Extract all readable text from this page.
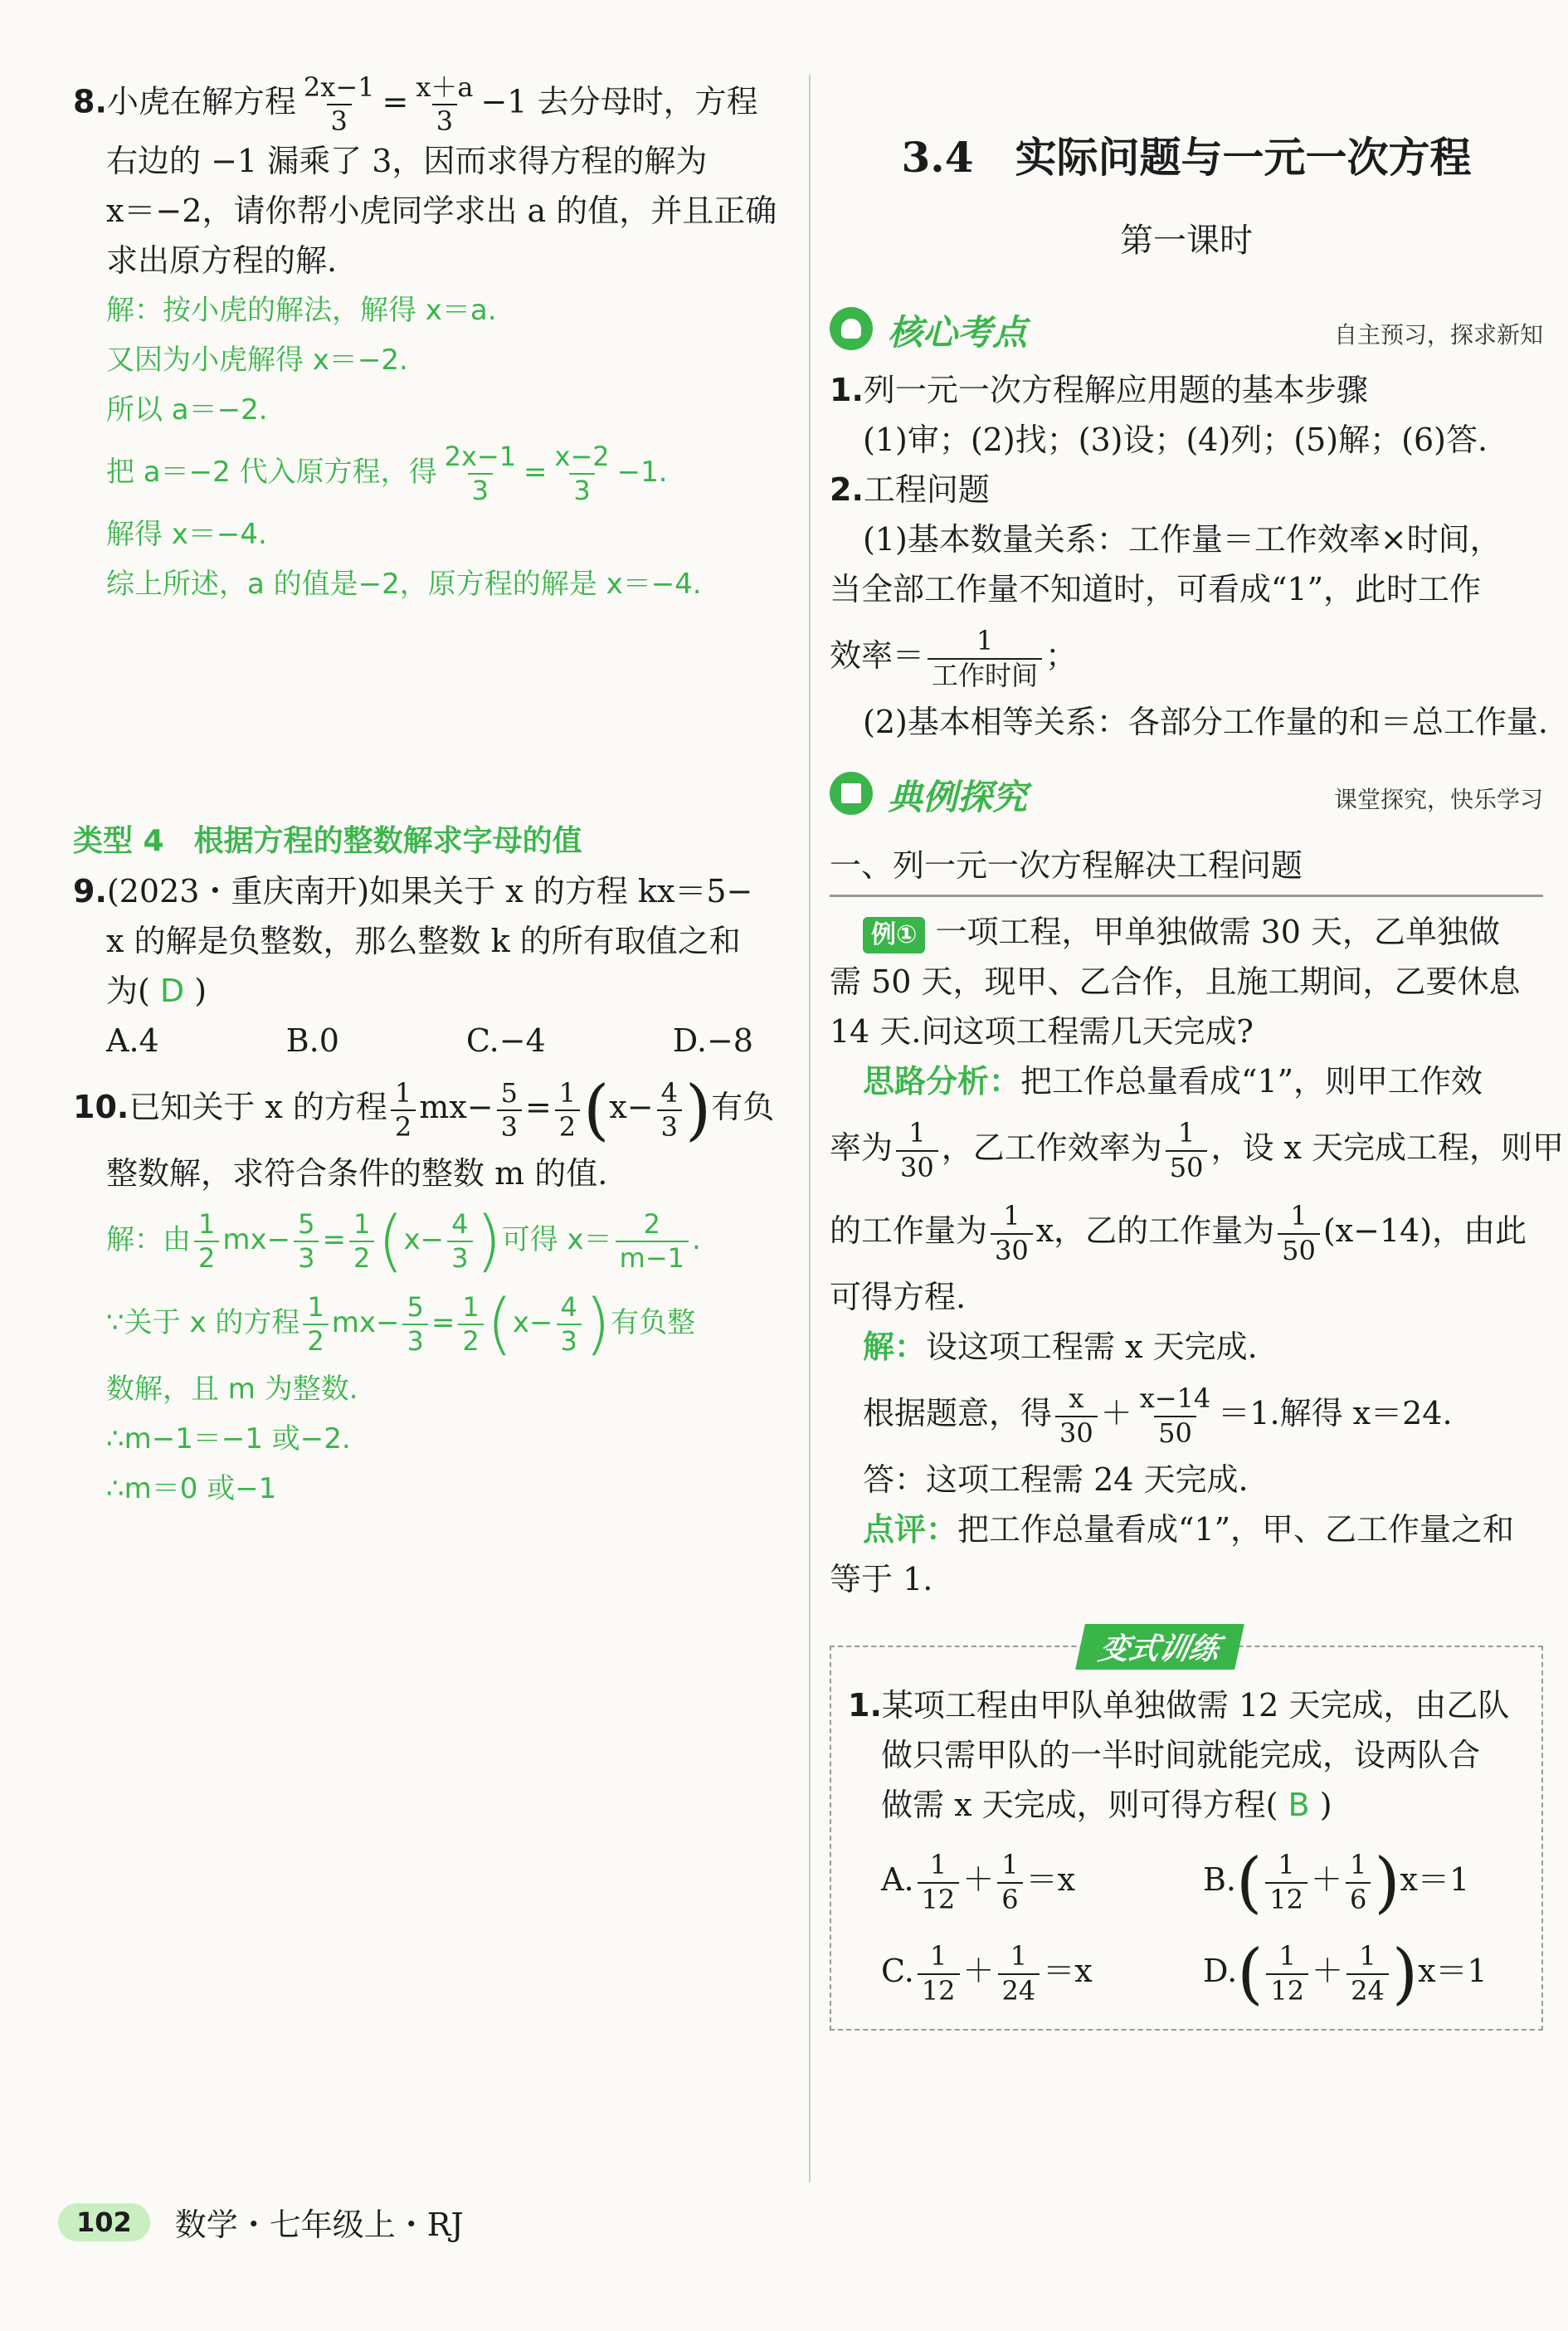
8.小虎在解方程 $\frac{2x-1}{3} = \frac{x+a}{3} -1$ 去分母时，方程
右边的 −1 漏乘了 3，因而求得方程的解为
x＝−2，请你帮小虎同学求出 a 的值，并且正确
求出原方程的解.
解：按小虎的解法，解得 x＝a.
又因为小虎解得 x＝−2.
所以 a＝−2.
把 a＝−2 代入原方程，得 $\frac{2x-1}{3} = \frac{x-2}{3} -1$.
解得 x＝−4.
综上所述，a 的值是−2，原方程的解是 x＝−4.
类型 4　根据方程的整数解求字母的值
9.(2023・重庆南开)如果关于 x 的方程 kx＝5−
x 的解是负整数，那么整数 k 的所有取值之和
为( D )
A.4	B.0	C.−4	D.−8
10.已知关于 x 的方程 $\frac{1}{2} mx- \frac{5}{3} = \frac{1}{2} (x- \frac{4}{3}$ )有负
整数解，求符合条件的整数 m 的值.
解：由 $\frac{1}{2} mx- \frac{5}{3} = \frac{1}{2} (x- \frac{4}{3}$ )可得 $x= \frac{2}{m-1}$ .
∵关于 x 的方程 $\frac{1}{2} mx- \frac{5}{3} = \frac{1}{2} (x- \frac{4}{3}$ )有负整
数解，且 m 为整数.
∴m−1＝−1 或−2.
∴m＝0 或−1
3.4　实际问题与一元一次方程
第一课时
核心考点	自主预习，探求新知
1.列一元一次方程解应用题的基本步骤
(1)审；(2)找；(3)设；(4)列；(5)解；(6)答.
2.工程问题
(1)基本数量关系：工作量＝工作效率×时间，
当全部工作量不知道时，可看成“1”，此时工作
效率＝ $\frac{1}{\text{工作时间}}$ ；
(2)基本相等关系：各部分工作量的和＝总工作量.
典例探究	课堂探究，快乐学习
一、列一元一次方程解决工程问题
例① 一项工程，甲单独做需 30 天，乙单独做
需 50 天，现甲、乙合作，且施工期间，乙要休息
14 天.问这项工程需几天完成?
思路分析：把工作总量看成“1”，则甲工作效
率为 $\frac{1}{30}$ ，乙工作效率为 $\frac{1}{50}$ ，设 x 天完成工程，则甲
的工作量为 $\frac{1}{30}$ x，乙的工作量为 $\frac{1}{50} (x-14)$，由此
可得方程.
解：设这项工程需 x 天完成.
根据题意，得 $\frac{x}{30} + \frac{x-14}{50} =1$.解得 x＝24.
答：这项工程需 24 天完成.
点评：把工作总量看成“1”，甲、乙工作量之和
等于 1.
变式训练
1.某项工程由甲队单独做需 12 天完成，由乙队
做只需甲队的一半时间就能完成，设两队合
做需 x 天完成，则可得方程( B )
A. $\frac{1}{12} + \frac{1}{6} =x$	$B.( \frac{1}{12} + \frac{1}{6} )x=1$
C. $\frac{1}{12} + \frac{1}{24} =x$	$D.( \frac{1}{12} + \frac{1}{24} )x=1$
102	数学・七年级上・RJ
